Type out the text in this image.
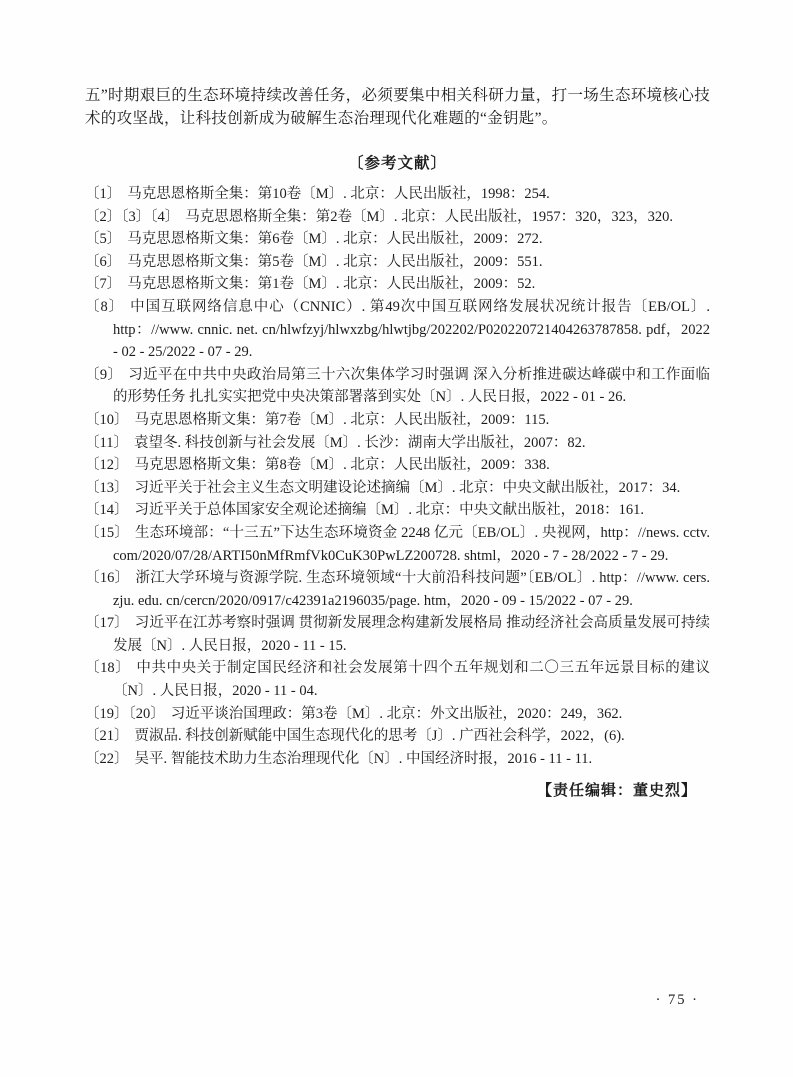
五”时期艰巨的生态环境持续改善任务，必须要集中相关科研力量，打一场生态环境核心技术的攻坚战，让科技创新成为破解生态治理现代化难题的“金钥匙”。

〔参考文献〕
〔1〕 马克思恩格斯全集：第10卷〔M〕. 北京：人民出版社，1998：254.
〔2〕〔3〕〔4〕 马克思恩格斯全集：第2卷〔M〕. 北京：人民出版社，1957：320，323，320.
〔5〕 马克思恩格斯文集：第6卷〔M〕. 北京：人民出版社，2009：272.
〔6〕 马克思恩格斯文集：第5卷〔M〕. 北京：人民出版社，2009：551.
〔7〕 马克思恩格斯文集：第1卷〔M〕. 北京：人民出版社，2009：52.
〔8〕 中国互联网络信息中心（CNNIC）. 第49次中国互联网络发展状况统计报告〔EB/OL〕. http：//www. cnnic. net. cn/hlwfzyj/hlwxzbg/hlwtjbg/202202/P020220721404263787858. pdf，2022 - 02 - 25/2022 - 07 - 29.
〔9〕 习近平在中共中央政治局第三十六次集体学习时强调 深入分析推进碳达峰碳中和工作面临的形势任务 扎扎实实把党中央决策部署落到实处〔N〕. 人民日报，2022 - 01 - 26.
〔10〕 马克思恩格斯文集：第7卷〔M〕. 北京：人民出版社，2009：115.
〔11〕 袁望冬. 科技创新与社会发展〔M〕. 长沙：湖南大学出版社，2007：82.
〔12〕 马克思恩格斯文集：第8卷〔M〕. 北京：人民出版社，2009：338.
〔13〕 习近平关于社会主义生态文明建设论述摘编〔M〕. 北京：中央文献出版社，2017：34.
〔14〕 习近平关于总体国家安全观论述摘编〔M〕. 北京：中央文献出版社，2018：161.
〔15〕 生态环境部：“十三五”下达生态环境资金 2248 亿元〔EB/OL〕. 央视网，http：//news. cctv. com/2020/07/28/ARTI50nMfRmfVk0CuK30PwLZ200728. shtml，2020 - 7 - 28/2022 - 7 - 29.
〔16〕 浙江大学环境与资源学院. 生态环境领域“十大前沿科技问题”〔EB/OL〕. http：//www. cers. zju. edu. cn/cercn/2020/0917/c42391a2196035/page. htm，2020 - 09 - 15/2022 - 07 - 29.
〔17〕 习近平在江苏考察时强调 贯彻新发展理念构建新发展格局 推动经济社会高质量发展可持续发展〔N〕. 人民日报，2020 - 11 - 15.
〔18〕 中共中央关于制定国民经济和社会发展第十四个五年规划和二〇三五年远景目标的建议〔N〕. 人民日报，2020 - 11 - 04.
〔19〕〔20〕 习近平谈治国理政：第3卷〔M〕. 北京：外文出版社，2020：249，362.
〔21〕 贾淑品. 科技创新赋能中国生态现代化的思考〔J〕. 广西社会科学，2022，(6).
〔22〕 吴平. 智能技术助力生态治理现代化〔N〕. 中国经济时报，2016 - 11 - 11.
【责任编辑：董史烈】
· 75 ·
